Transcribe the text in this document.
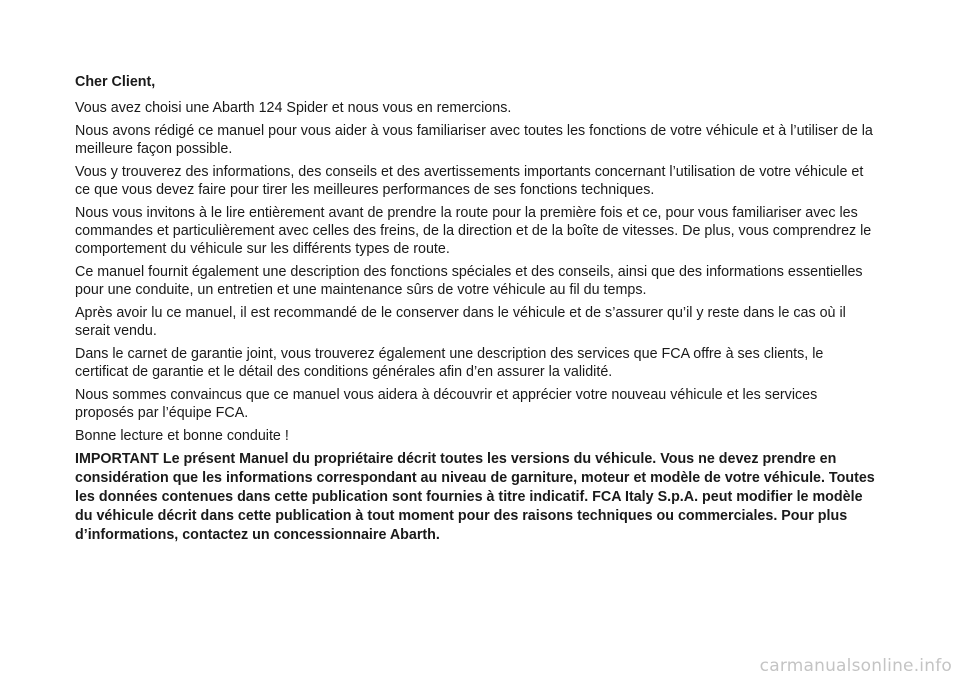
Cher Client,

Vous avez choisi une Abarth 124 Spider et nous vous en remercions.

Nous avons rédigé ce manuel pour vous aider à vous familiariser avec toutes les fonctions de votre véhicule et à l’utiliser de la meilleure façon possible.

Vous y trouverez des informations, des conseils et des avertissements importants concernant l’utilisation de votre véhicule et ce que vous devez faire pour tirer les meilleures performances de ses fonctions techniques.

Nous vous invitons à le lire entièrement avant de prendre la route pour la première fois et ce, pour vous familiariser avec les commandes et particulièrement avec celles des freins, de la direction et de la boîte de vitesses. De plus, vous comprendrez le comportement du véhicule sur les différents types de route.

Ce manuel fournit également une description des fonctions spéciales et des conseils, ainsi que des informations essentielles pour une conduite, un entretien et une maintenance sûrs de votre véhicule au fil du temps.

Après avoir lu ce manuel, il est recommandé de le conserver dans le véhicule et de s’assurer qu’il y reste dans le cas où il serait vendu.

Dans le carnet de garantie joint, vous trouverez également une description des services que FCA offre à ses clients, le certificat de garantie et le détail des conditions générales afin d’en assurer la validité.

Nous sommes convaincus que ce manuel vous aidera à découvrir et apprécier votre nouveau véhicule et les services proposés par l’équipe FCA.

Bonne lecture et bonne conduite !

IMPORTANT Le présent Manuel du propriétaire décrit toutes les versions du véhicule. Vous ne devez prendre en considération que les informations correspondant au niveau de garniture, moteur et modèle de votre véhicule. Toutes les données contenues dans cette publication sont fournies à titre indicatif. FCA Italy S.p.A. peut modifier le modèle du véhicule décrit dans cette publication à tout moment pour des raisons techniques ou commerciales. Pour plus d’informations, contactez un concessionnaire Abarth.

carmanualsonline.info
